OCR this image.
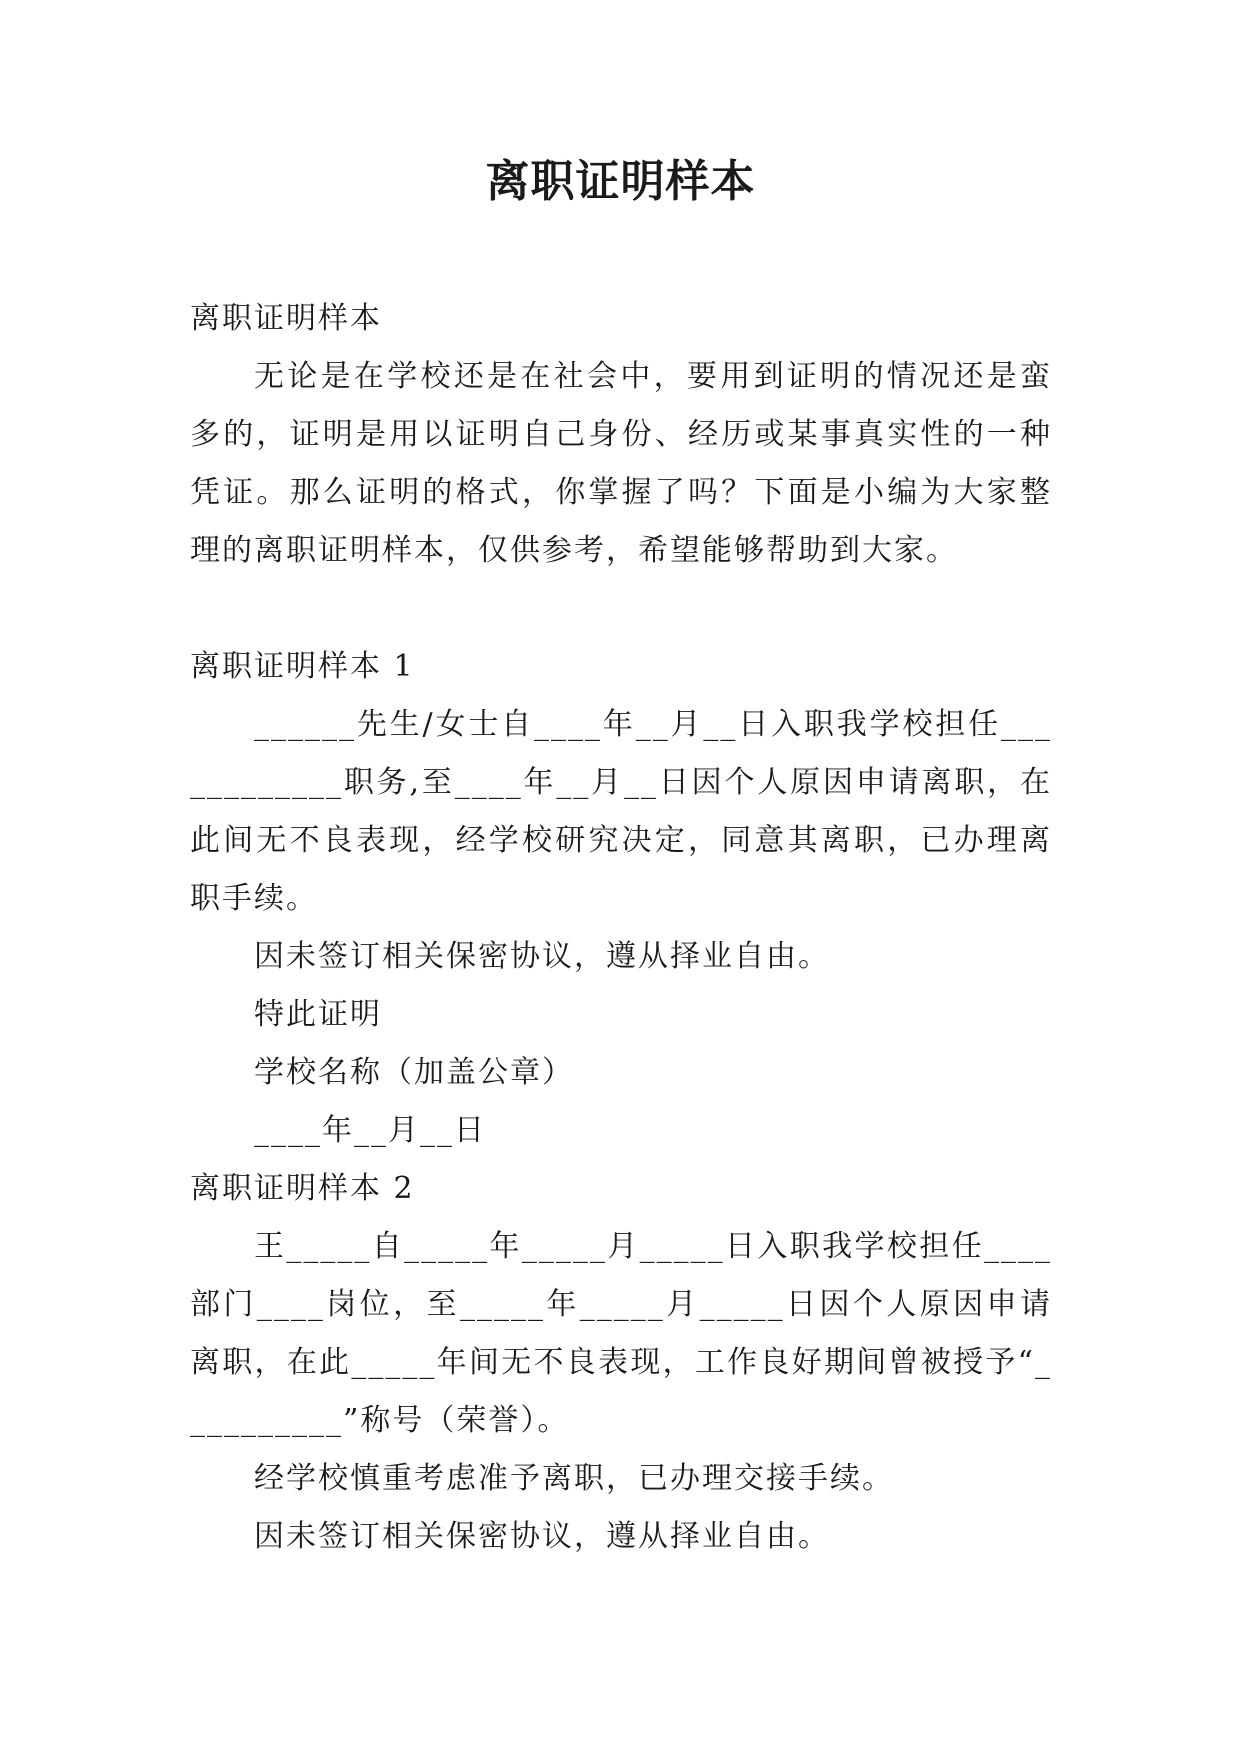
离职证明样本

离职证明样本

无论是在学校还是在社会中，要用到证明的情况还是蛮多的，证明是用以证明自己身份、经历或某事真实性的一种凭证。那么证明的格式，你掌握了吗？下面是小编为大家整理的离职证明样本，仅供参考，希望能够帮助到大家。

离职证明样本 1

______先生/女士自____年__月__日入职我学校担任____________职务,至____年__月__日因个人原因申请离职，在此间无不良表现，经学校研究决定，同意其离职，已办理离职手续。

因未签订相关保密协议，遵从择业自由。

特此证明

学校名称（加盖公章）

____年__月__日

离职证明样本 2

王_____自_____年_____月_____日入职我学校担任____部门____岗位，至_____年_____月_____日因个人原因申请离职，在此_____年间无不良表现，工作良好期间曾被授予“__________”称号（荣誉）。

经学校慎重考虑准予离职，已办理交接手续。

因未签订相关保密协议，遵从择业自由。
